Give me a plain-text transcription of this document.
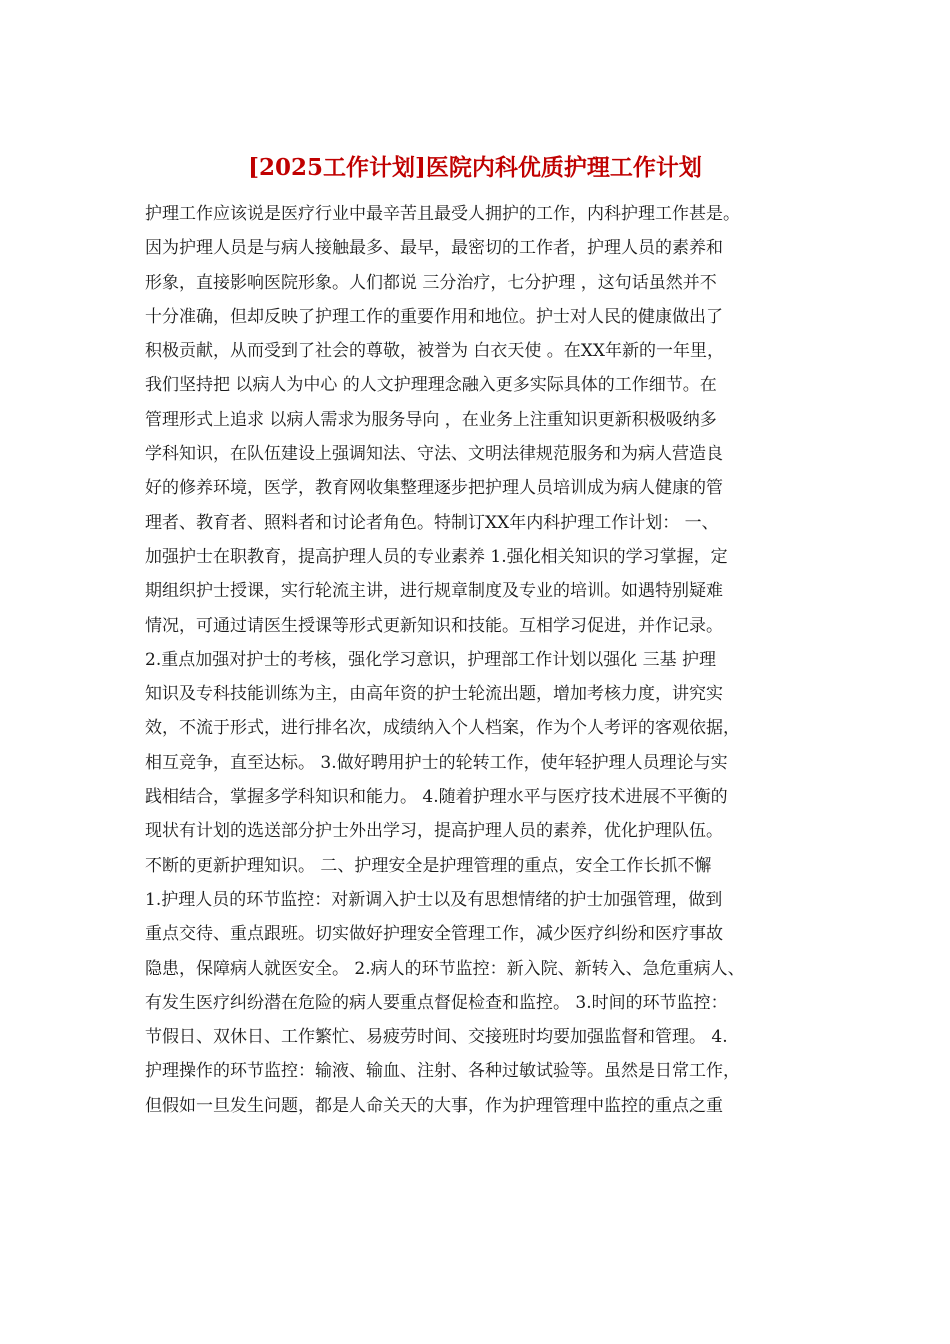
[2025工作计划]医院内科优质护理工作计划
护理工作应该说是医疗行业中最辛苦且最受人拥护的工作，内科护理工作甚是。
因为护理人员是与病人接触最多、最早，最密切的工作者，护理人员的素养和
形象，直接影响医院形象。人们都说 三分治疗，七分护理 ，这句话虽然并不
十分准确，但却反映了护理工作的重要作用和地位。护士对人民的健康做出了
积极贡献，从而受到了社会的尊敬，被誉为 白衣天使 。在XX年新的一年里，
我们坚持把 以病人为中心 的人文护理理念融入更多实际具体的工作细节。在
管理形式上追求 以病人需求为服务导向 ，在业务上注重知识更新积极吸纳多
学科知识，在队伍建设上强调知法、守法、文明法律规范服务和为病人营造良
好的修养环境，医学，教育网收集整理逐步把护理人员培训成为病人健康的管
理者、教育者、照料者和讨论者角色。特制订XX年内科护理工作计划： 一、
加强护士在职教育，提高护理人员的专业素养 1.强化相关知识的学习掌握，定
期组织护士授课，实行轮流主讲，进行规章制度及专业的培训。如遇特别疑难
情况，可通过请医生授课等形式更新知识和技能。互相学习促进，并作记录。
2.重点加强对护士的考核，强化学习意识，护理部工作计划以强化 三基 护理
知识及专科技能训练为主，由高年资的护士轮流出题，增加考核力度，讲究实
效，不流于形式，进行排名次，成绩纳入个人档案，作为个人考评的客观依据，
相互竞争，直至达标。 3.做好聘用护士的轮转工作，使年轻护理人员理论与实
践相结合，掌握多学科知识和能力。 4.随着护理水平与医疗技术进展不平衡的
现状有计划的选送部分护士外出学习，提高护理人员的素养，优化护理队伍。
不断的更新护理知识。 二、护理安全是护理管理的重点，安全工作长抓不懈
1.护理人员的环节监控：对新调入护士以及有思想情绪的护士加强管理，做到
重点交待、重点跟班。切实做好护理安全管理工作，减少医疗纠纷和医疗事故
隐患，保障病人就医安全。 2.病人的环节监控：新入院、新转入、急危重病人、
有发生医疗纠纷潜在危险的病人要重点督促检查和监控。 3.时间的环节监控：
节假日、双休日、工作繁忙、易疲劳时间、交接班时均要加强监督和管理。 4.
护理操作的环节监控：输液、输血、注射、各种过敏试验等。虽然是日常工作，
但假如一旦发生问题，都是人命关天的大事，作为护理管理中监控的重点之重
